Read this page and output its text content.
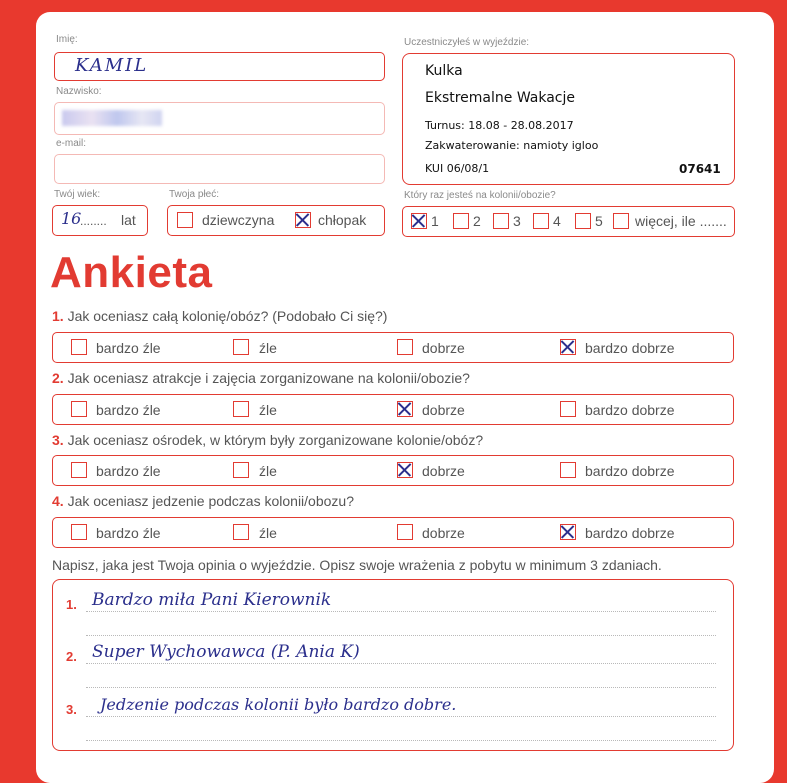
Imię:
KAMIL
Nazwisko:
e-mail:
Twój wiek:
16
........ lat
Twoja płeć:
dziewczyna	chłopak
Uczestniczyłeś w wyjeździe:
Kulka
Ekstremalne Wakacje
Turnus: 18.08 - 28.08.2017
Zakwaterowanie: namioty igloo
KUI 06/08/1	07641
Który raz jesteś na kolonii/obozie?
1 2 3 4 5 więcej, ile .......
Ankieta
1. Jak oceniasz całą kolonię/obóz? (Podobało Ci się?)
bardzo źle	źle	dobrze	bardzo dobrze
2. Jak oceniasz atrakcje i zajęcia zorganizowane na kolonii/obozie?
bardzo źle	źle	dobrze	bardzo dobrze
3. Jak oceniasz ośrodek, w którym były zorganizowane kolonie/obóz?
bardzo źle	źle	dobrze	bardzo dobrze
4. Jak oceniasz jedzenie podczas kolonii/obozu?
bardzo źle	źle	dobrze	bardzo dobrze
Napisz, jaka jest Twoja opinia o wyjeździe. Opisz swoje wrażenia z pobytu w minimum 3 zdaniach.
1. Bardzo miła Pani Kierownik
2. Super Wychowawca (P. Ania K)
3. Jedzenie podczas kolonii było bardzo dobre.
